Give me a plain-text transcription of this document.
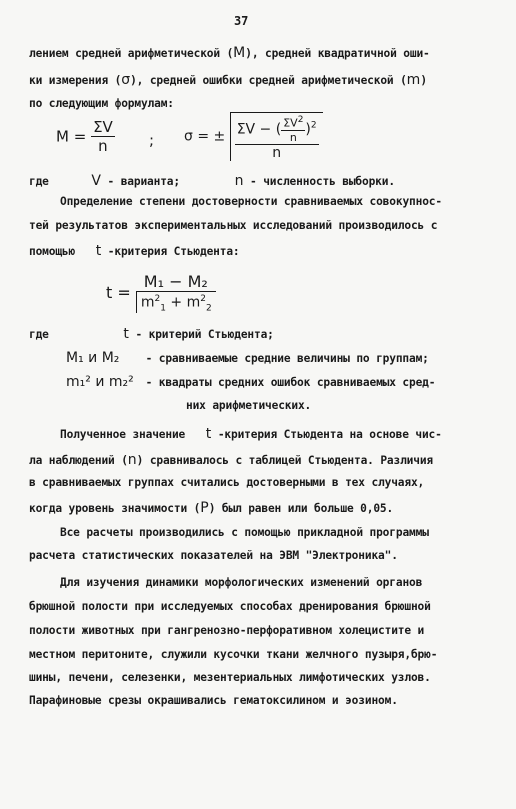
37
лением средней арифметической (M), средней квадратичной оши-
ки измерения (σ), средней ошибки средней арифметической (m)
по следующим формулам:
$M = \frac{\Sigma V}{n}$ ; σ = ± $\frac{\Sigma V - ( \frac{\Sigma V^2}{n} )^2}{n}$
где	V - варианта;	n - численность выборки.
Определение степени достоверности сравниваемых совокупнос-
тей результатов экспериментальных исследований производилось с
помощью t -критерия Стьюдента:
t =
M₁ − M₂
$m^2_1 + m^2_2$
где	t - критерий Стьюдента;
M₁ и M₂ - сравниваемые средние величины по группам;
m₁² и m₂² - квадраты средних ошибок сравниваемых сред-
них арифметических.
Полученное значение t -критерия Стьюдента на основе чис-
ла наблюдений (n) сравнивалось с таблицей Стьюдента. Различия
в сравниваемых группах считались достоверными в тех случаях,
когда уровень значимости (P) был равен или больше 0,05.
Все расчеты производились с помощью прикладной программы
расчета статистических показателей на ЭВМ "Электроника".
Для изучения динамики морфологических изменений органов
брюшной полости при исследуемых способах дренирования брюшной
полости животных при гангренозно-перфоративном холецистите и
местном перитоните, служили кусочки ткани желчного пузыря,брю-
шины, печени, селезенки, мезентериальных лимфотических узлов.
Парафиновые срезы окрашивались гематоксилином и эозином.
